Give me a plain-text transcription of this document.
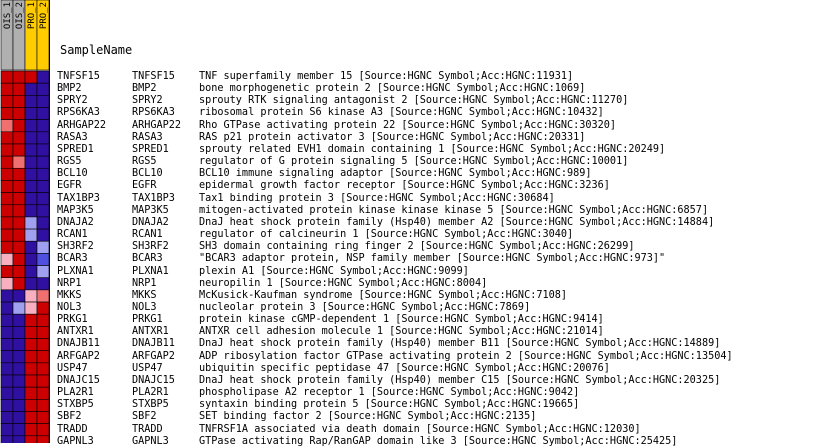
OIS_1 OIS_2 PRO_1 PRO_2
SampleName
TNFSF15	TNFSF15 TNF superfamily member 15 [Source:HGNC Symbol;Acc:HGNC:11931]
BMP2	BMP2	bone morphogenetic protein 2 [Source:HGNC Symbol;Acc:HGNC:1069]
SPRY2	SPRY2	sprouty RTK signaling antagonist 2 [Source:HGNC Symbol;Acc:HGNC:11270]
RPS6KA3	RPS6KA3 ribosomal protein S6 kinase A3 [Source:HGNC Symbol;Acc:HGNC:10432]
ARHGAP22	ARHGAP22 Rho GTPase activating protein 22 [Source:HGNC Symbol;Acc:HGNC:30320]
RASA3	RASA3	RAS p21 protein activator 3 [Source:HGNC Symbol;Acc:HGNC:20331]
SPRED1	SPRED1	sprouty related EVH1 domain containing 1 [Source:HGNC Symbol;Acc:HGNC:20249]
RGS5	RGS5	regulator of G protein signaling 5 [Source:HGNC Symbol;Acc:HGNC:10001]
BCL10	BCL10	BCL10 immune signaling adaptor [Source:HGNC Symbol;Acc:HGNC:989]
EGFR	EGFR	epidermal growth factor receptor [Source:HGNC Symbol;Acc:HGNC:3236]
TAX1BP3	TAX1BP3 Tax1 binding protein 3 [Source:HGNC Symbol;Acc:HGNC:30684]
MAP3K5	MAP3K5	mitogen-activated protein kinase kinase kinase 5 [Source:HGNC Symbol;Acc:HGNC:6857]
DNAJA2	DNAJA2	DnaJ heat shock protein family (Hsp40) member A2 [Source:HGNC Symbol;Acc:HGNC:14884]
RCAN1	RCAN1	regulator of calcineurin 1 [Source:HGNC Symbol;Acc:HGNC:3040]
SH3RF2	SH3RF2	SH3 domain containing ring finger 2 [Source:HGNC Symbol;Acc:HGNC:26299]
BCAR3	BCAR3	"BCAR3 adaptor protein, NSP family member [Source:HGNC Symbol;Acc:HGNC:973]"
PLXNA1	PLXNA1	plexin A1 [Source:HGNC Symbol;Acc:HGNC:9099]
NRP1	NRP1	neuropilin 1 [Source:HGNC Symbol;Acc:HGNC:8004]
MKKS	MKKS	McKusick-Kaufman syndrome [Source:HGNC Symbol;Acc:HGNC:7108]
NOL3	NOL3	nucleolar protein 3 [Source:HGNC Symbol;Acc:HGNC:7869]
PRKG1	PRKG1	protein kinase cGMP-dependent 1 [Source:HGNC Symbol;Acc:HGNC:9414]
ANTXR1	ANTXR1	ANTXR cell adhesion molecule 1 [Source:HGNC Symbol;Acc:HGNC:21014]
DNAJB11	DNAJB11 DnaJ heat shock protein family (Hsp40) member B11 [Source:HGNC Symbol;Acc:HGNC:14889]
ARFGAP2	ARFGAP2 ADP ribosylation factor GTPase activating protein 2 [Source:HGNC Symbol;Acc:HGNC:13504]
USP47	USP47	ubiquitin specific peptidase 47 [Source:HGNC Symbol;Acc:HGNC:20076]
DNAJC15	DNAJC15 DnaJ heat shock protein family (Hsp40) member C15 [Source:HGNC Symbol;Acc:HGNC:20325]
PLA2R1	PLA2R1	phospholipase A2 receptor 1 [Source:HGNC Symbol;Acc:HGNC:9042]
STXBP5	STXBP5	syntaxin binding protein 5 [Source:HGNC Symbol;Acc:HGNC:19665]
SBF2	SBF2	SET binding factor 2 [Source:HGNC Symbol;Acc:HGNC:2135]
TRADD	TRADD	TNFRSF1A associated via death domain [Source:HGNC Symbol;Acc:HGNC:12030]
GAPNL3	GAPNL3	GTPase activating Rap/RanGAP domain like 3 [Source:HGNC Symbol;Acc:HGNC:25425]
